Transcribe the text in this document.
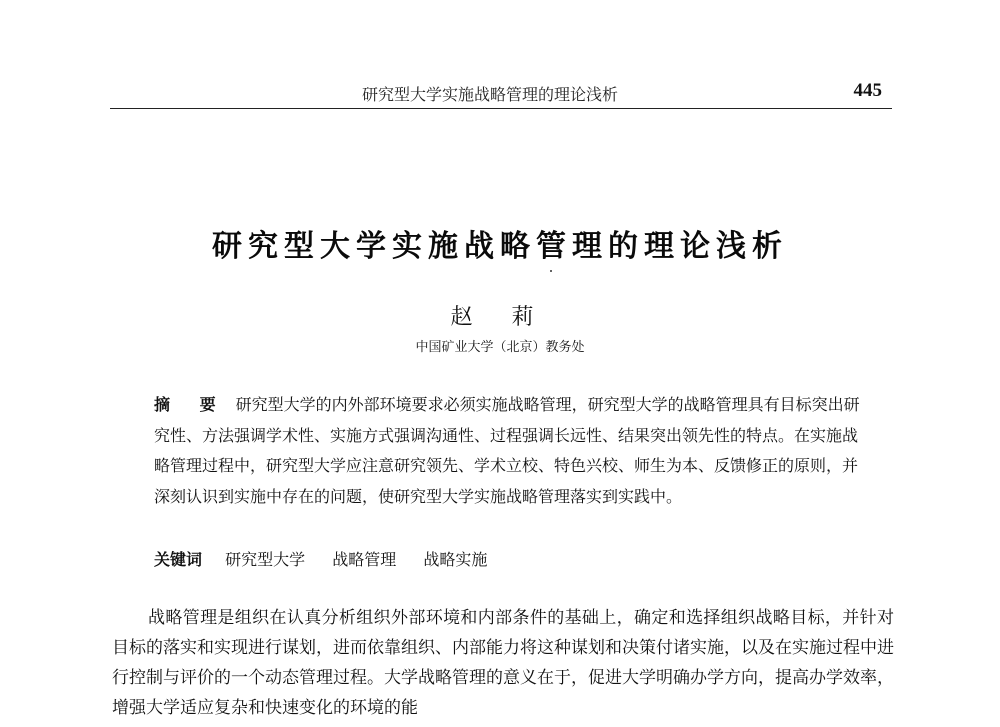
研究型大学实施战略管理的理论浅析	445
研究型大学实施战略管理的理论浅析
赵 莉
中国矿业大学（北京）教务处
摘 要 研究型大学的内外部环境要求必须实施战略管理，研究型大学的战略管理具有目标突出研究性、方法强调学术性、实施方式强调沟通性、过程强调长远性、结果突出领先性的特点。在实施战略管理过程中，研究型大学应注意研究领先、学术立校、特色兴校、师生为本、反馈修正的原则，并深刻认识到实施中存在的问题，使研究型大学实施战略管理落实到实践中。
关键词 研究型大学 战略管理 战略实施
战略管理是组织在认真分析组织外部环境和内部条件的基础上，确定和选择组织战略目标，并针对目标的落实和实现进行谋划，进而依靠组织、内部能力将这种谋划和决策付诸实施，以及在实施过程中进行控制与评价的一个动态管理过程。大学战略管理的意义在于，促进大学明确办学方向，提高办学效率，增强大学适应复杂和快速变化的环境的能
